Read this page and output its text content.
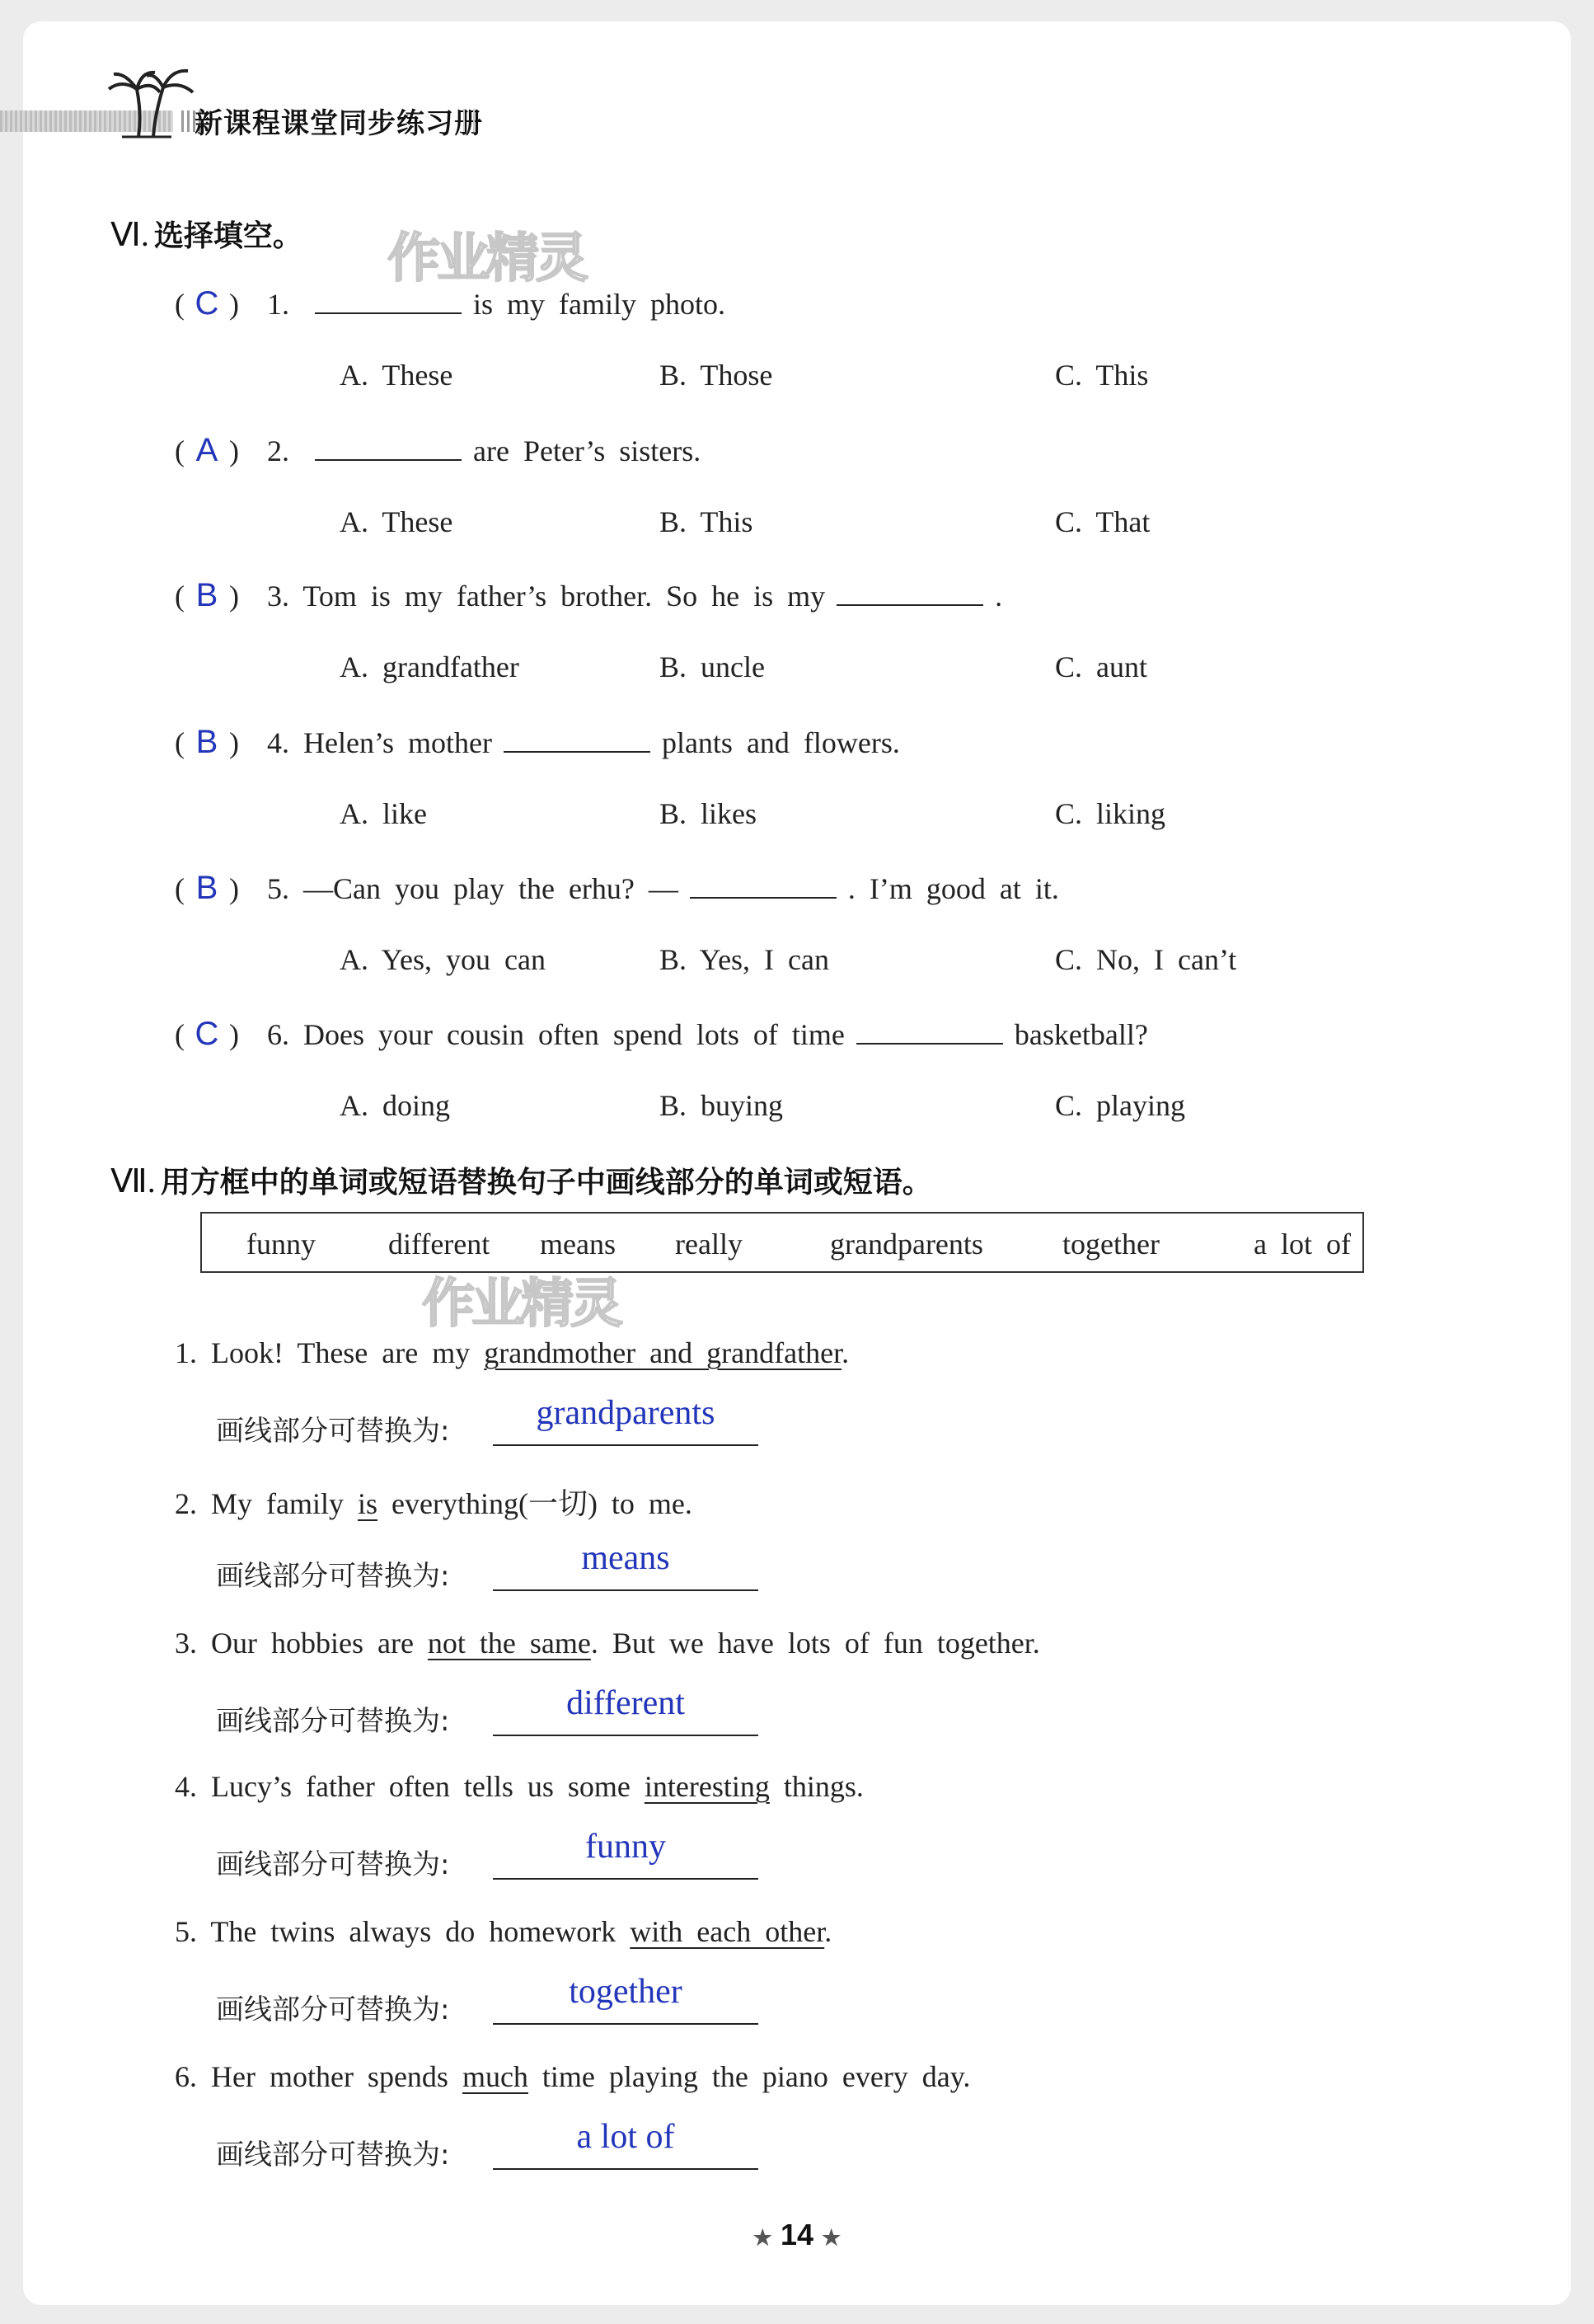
新课程课堂同步练习册
Ⅵ. 选择填空。 作业精灵
( C ) 1.	is my family photo.
A. These	B. Those	C. This
( A ) 2.	are Peter’s sisters.
A. These	B. This	C. That
( B ) 3. Tom is my father’s brother. So he is my	.
A. grandfather	B. uncle	C. aunt
( B ) 4. Helen’s mother	plants and flowers.
A. like	B. likes	C. liking
( B ) 5. —Can you play the erhu? —	. I’m good at it.
A. Yes, you can	B. Yes, I can	C. No, I can’t
( C ) 6. Does your cousin often spend lots of time	basketball?
A. doing	B. buying	C. playing
Ⅶ. 用方框中的单词或短语替换句子中画线部分的单词或短语。
funny different means really	grandparents	together	a lot of
作业精灵
1. Look! These are my grandmother and grandfather.
画线部分可替换为:	grandparents
2. My family is everything(一切) to me.
画线部分可替换为:	means
3. Our hobbies are not the same. But we have lots of fun together.
画线部分可替换为:	different
4. Lucy’s father often tells us some interesting things.
画线部分可替换为:	funny
5. The twins always do homework with each other.
画线部分可替换为:	together
6. Her mother spends much time playing the piano every day.
画线部分可替换为:	a lot of
★ 14 ★
